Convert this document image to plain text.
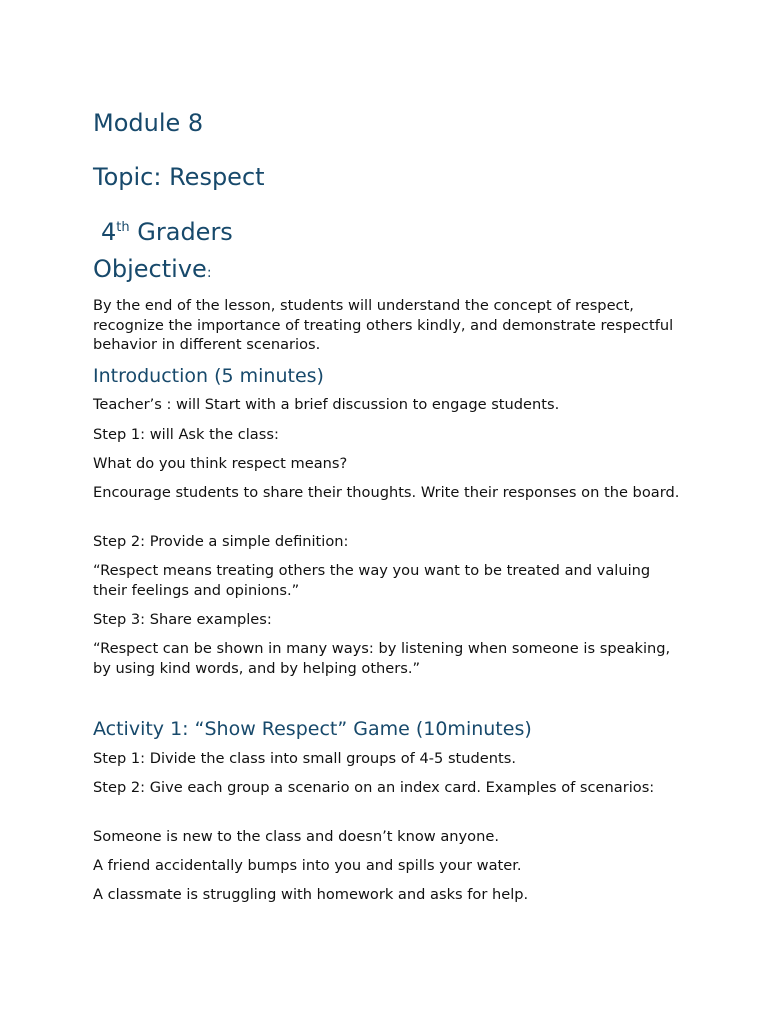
Module 8
Topic: Respect
4th Graders
Objective:

By the end of the lesson, students will understand the concept of respect, recognize the importance of treating others kindly, and demonstrate respectful behavior in different scenarios.

Introduction (5 minutes)

Teacher’s : will Start with a brief discussion to engage students.

Step 1: will Ask the class:

What do you think respect means?

Encourage students to share their thoughts. Write their responses on the board.

Step 2: Provide a simple definition:

“Respect means treating others the way you want to be treated and valuing their feelings and opinions.”

Step 3: Share examples:

“Respect can be shown in many ways: by listening when someone is speaking, by using kind words, and by helping others.”

Activity 1: “Show Respect” Game (10minutes)

Step 1: Divide the class into small groups of 4-5 students.

Step 2: Give each group a scenario on an index card. Examples of scenarios:

Someone is new to the class and doesn’t know anyone.

A friend accidentally bumps into you and spills your water.

A classmate is struggling with homework and asks for help.
